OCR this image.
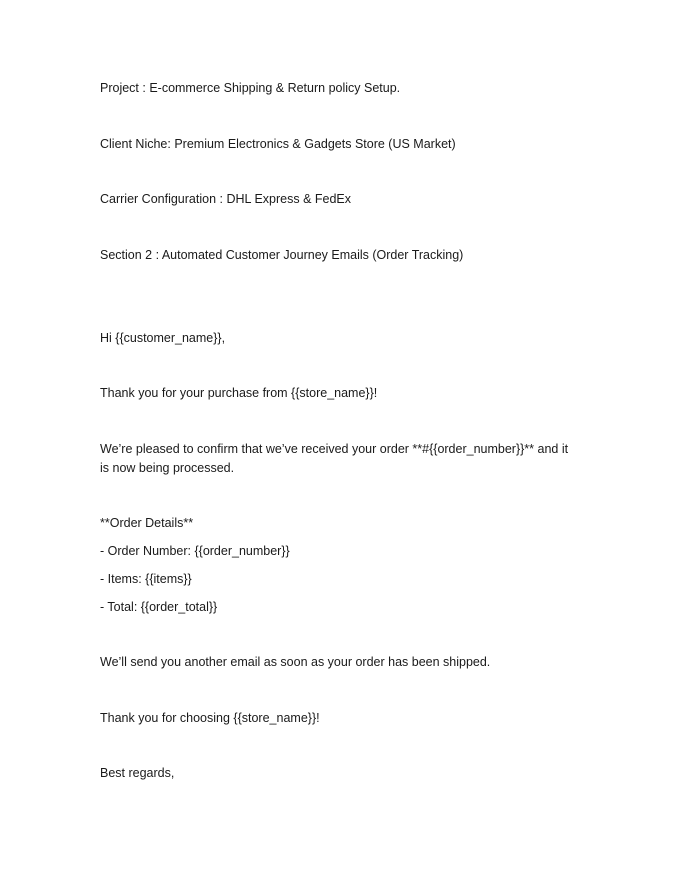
Project : E-commerce Shipping & Return policy Setup.
Client Niche: Premium Electronics & Gadgets Store (US Market)
Carrier Configuration : DHL Express & FedEx
Section 2 : Automated Customer Journey Emails (Order Tracking)
Hi {{customer_name}},
Thank you for your purchase from {{store_name}}!
We’re pleased to confirm that we’ve received your order **#{{order_number}}** and it is now being processed.
**Order Details**
- Order Number: {{order_number}}
- Items: {{items}}
- Total: {{order_total}}
We’ll send you another email as soon as your order has been shipped.
Thank you for choosing {{store_name}}!
Best regards,
